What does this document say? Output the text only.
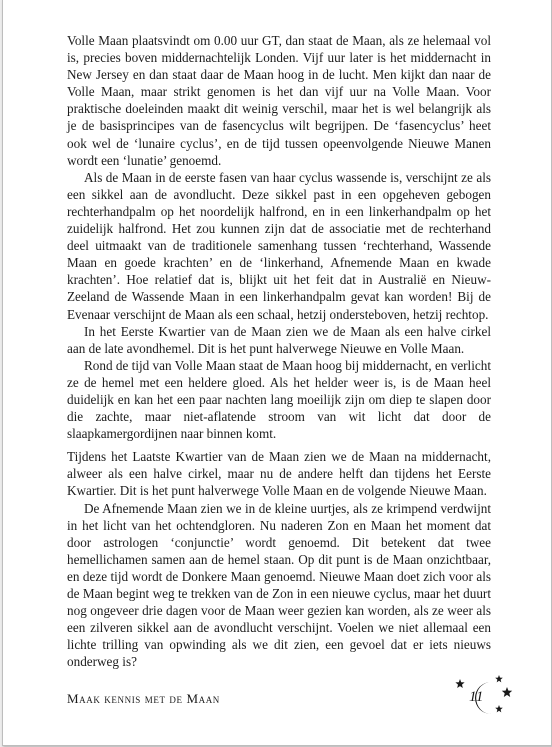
Volle Maan plaatsvindt om 0.00 uur GT, dan staat de Maan, als ze helemaal vol is, precies boven middernachtelijk Londen. Vijf uur later is het middernacht in New Jersey en dan staat daar de Maan hoog in de lucht. Men kijkt dan naar de Volle Maan, maar strikt genomen is het dan vijf uur na Volle Maan. Voor praktische doeleinden maakt dit weinig verschil, maar het is wel belangrijk als je de basisprincipes van de fasencyclus wilt begrijpen. De ‘fasencyclus’ heet ook wel de ‘lunaire cyclus’, en de tijd tussen opeenvolgende Nieuwe Manen wordt een ‘lunatie’ genoemd.

Als de Maan in de eerste fasen van haar cyclus wassende is, verschijnt ze als een sikkel aan de avondlucht. Deze sikkel past in een opgeheven gebogen rechterhandpalm op het noordelijk halfrond, en in een linkerhandpalm op het zuidelijk halfrond. Het zou kunnen zijn dat de associatie met de rechterhand deel uitmaakt van de traditionele samenhang tussen ‘rechterhand, Wassende Maan en goede krachten’ en de ‘linkerhand, Afnemende Maan en kwade krachten’. Hoe relatief dat is, blijkt uit het feit dat in Australië en Nieuw-Zeeland de Wassende Maan in een linkerhandpalm gevat kan worden! Bij de Evenaar verschijnt de Maan als een schaal, hetzij ondersteboven, hetzij rechtop.

In het Eerste Kwartier van de Maan zien we de Maan als een halve cirkel aan de late avondhemel. Dit is het punt halverwege Nieuwe en Volle Maan.

Rond de tijd van Volle Maan staat de Maan hoog bij middernacht, en verlicht ze de hemel met een heldere gloed. Als het helder weer is, is de Maan heel duidelijk en kan het een paar nachten lang moeilijk zijn om diep te slapen door die zachte, maar niet-aflatende stroom van wit licht dat door de slaapkamergordijnen naar binnen komt.

Tijdens het Laatste Kwartier van de Maan zien we de Maan na middernacht, alweer als een halve cirkel, maar nu de andere helft dan tijdens het Eerste Kwartier. Dit is het punt halverwege Volle Maan en de volgende Nieuwe Maan.

De Afnemende Maan zien we in de kleine uurtjes, als ze krimpend verdwijnt in het licht van het ochtendgloren. Nu naderen Zon en Maan het moment dat door astrologen ‘conjunctie’ wordt genoemd. Dit betekent dat twee hemellichamen samen aan de hemel staan. Op dit punt is de Maan onzichtbaar, en deze tijd wordt de Donkere Maan genoemd. Nieuwe Maan doet zich voor als de Maan begint weg te trekken van de Zon in een nieuwe cyclus, maar het duurt nog ongeveer drie dagen voor de Maan weer gezien kan worden, als ze weer als een zilveren sikkel aan de avondlucht verschijnt. Voelen we niet allemaal een lichte trilling van opwinding als we dit zien, een gevoel dat er iets nieuws onderweg is?

Maak kennis met de Maan	11
